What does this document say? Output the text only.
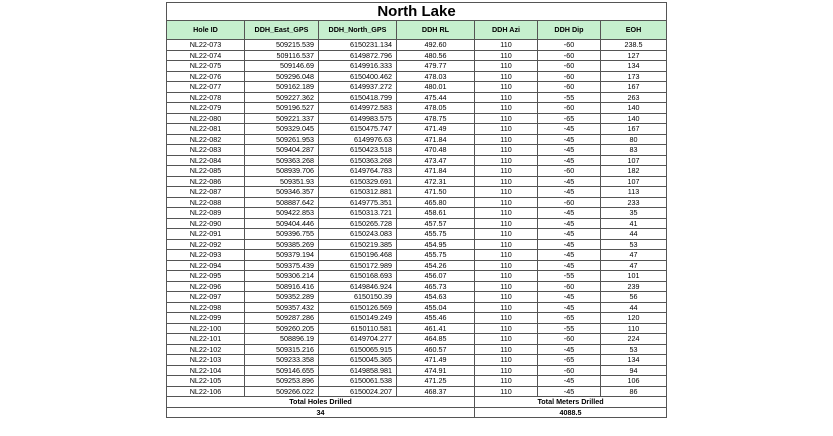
North Lake						
Hole ID	DDH_East_GPS	DDH_North_GPS	DDH RL	DDH Azi	DDH Dip	EOH
NL22-073	509215.539	6150231.134	492.60	110	-60	238.5
NL22-074	509116.537	6149872.796	480.56	110	-60	127
NL22-075	509146.69	6149916.333	479.77	110	-60	134
NL22-076	509296.048	6150400.462	478.03	110	-60	173
NL22-077	509162.189	6149937.272	480.01	110	-60	167
NL22-078	509227.362	6150418.799	475.44	110	-55	263
NL22-079	509196.527	6149972.583	478.05	110	-60	140
NL22-080	509221.337	6149983.575	478.75	110	-65	140
NL22-081	509329.045	6150475.747	471.49	110	-45	167
NL22-082	509261.953	6149976.63	471.84	110	-45	80
NL22-083	509404.287	6150423.518	470.48	110	-45	83
NL22-084	509363.268	6150363.268	473.47	110	-45	107
NL22-085	508939.706	6149764.783	471.84	110	-60	182
NL22-086	509351.93	6150329.691	472.31	110	-45	107
NL22-087	509346.357	6150312.881	471.50	110	-45	113
NL22-088	508887.642	6149775.351	465.80	110	-60	233
NL22-089	509422.853	6150313.721	458.61	110	-45	35
NL22-090	509404.446	6150265.728	457.57	110	-45	41
NL22-091	509396.755	6150243.083	455.75	110	-45	44
NL22-092	509385.269	6150219.385	454.95	110	-45	53
NL22-093	509379.194	6150196.468	455.75	110	-45	47
NL22-094	509375.439	6150172.989	454.26	110	-45	47
NL22-095	509306.214	6150168.693	456.07	110	-55	101
NL22-096	508916.416	6149846.924	465.73	110	-60	239
NL22-097	509352.289	6150150.39	454.63	110	-45	56
NL22-098	509357.432	6150126.569	455.04	110	-45	44
NL22-099	509287.286	6150149.249	455.46	110	-65	120
NL22-100	509260.205	6150110.581	461.41	110	-55	110
NL22-101	508896.19	6149704.277	464.85	110	-60	224
NL22-102	509315.216	6150065.915	460.57	110	-45	53
NL22-103	509233.358	6150045.365	471.49	110	-65	134
NL22-104	509146.655	6149858.981	474.91	110	-60	94
NL22-105	509253.896	6150061.538	471.25	110	-45	106
NL22-106	509266.022	6150024.207	468.37	110	-45	86
Total Holes Drilled				Total Meters Drilled		
34				4088.5		
